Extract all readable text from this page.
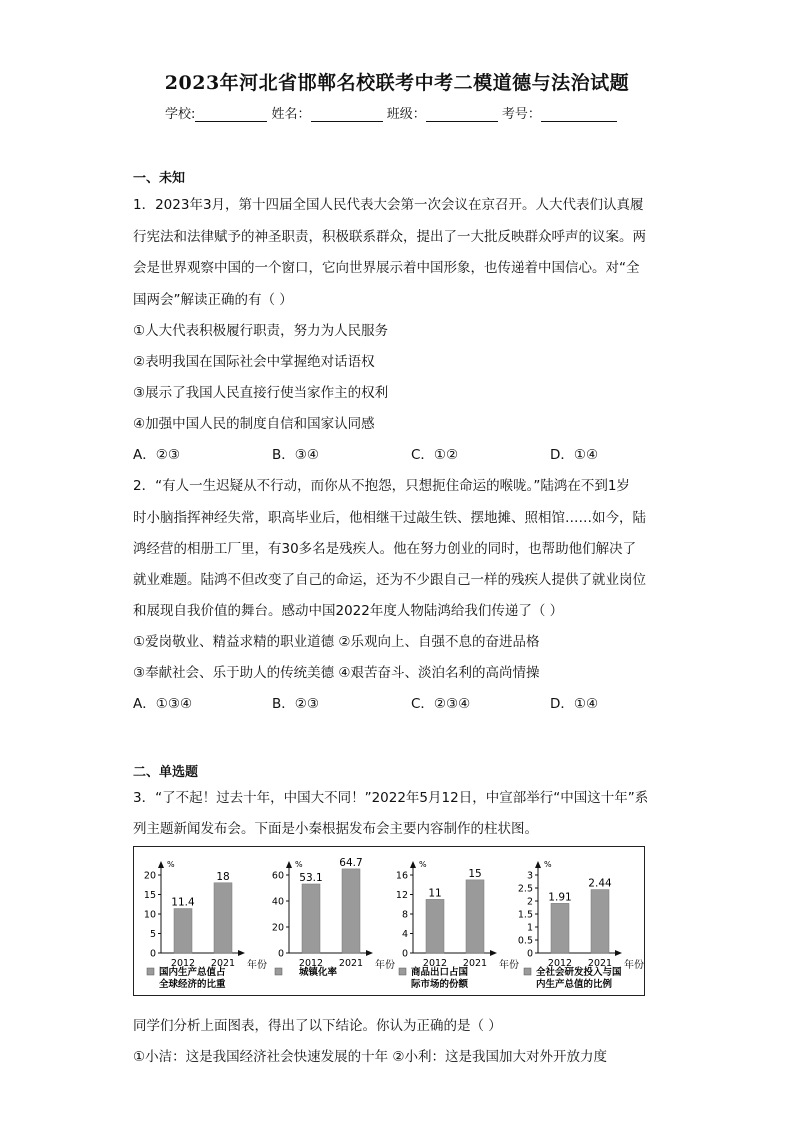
2023年河北省邯郸名校联考中考二模道德与法治试题
学校:	姓名：	班级：	考号：
一、未知
1．2023年3月，第十四届全国人民代表大会第一次会议在京召开。人大代表们认真履
行宪法和法律赋予的神圣职责，积极联系群众，提出了一大批反映群众呼声的议案。两
会是世界观察中国的一个窗口，它向世界展示着中国形象，也传递着中国信心。对“全
国两会”解读正确的有（ ）
①人大代表积极履行职责，努力为人民服务
②表明我国在国际社会中掌握绝对话语权
③展示了我国人民直接行使当家作主的权利
④加强中国人民的制度自信和国家认同感
A．②③	B．③④	C．①②	D．①④
2．“有人一生迟疑从不行动，而你从不抱怨，只想扼住命运的喉咙。”陆鸿在不到1岁
时小脑指挥神经失常，职高毕业后，他相继干过敲生铁、摆地摊、照相馆……如今，陆
鸿经营的相册工厂里，有30多名是残疾人。他在努力创业的同时，也帮助他们解决了
就业难题。陆鸿不但改变了自己的命运，还为不少跟自己一样的残疾人提供了就业岗位
和展现自我价值的舞台。感动中国2022年度人物陆鸿给我们传递了（ ）
①爱岗敬业、精益求精的职业道德 ②乐观向上、自强不息的奋进品格
③奉献社会、乐于助人的传统美德 ④艰苦奋斗、淡泊名利的高尚情操
A．①③④	B．②③	C．②③④	D．①④
二、单选题
3．“了不起！过去十年，中国大不同！”2022年5月12日，中宣部举行“中国这十年”系
列主题新闻发布会。下面是小秦根据发布会主要内容制作的柱状图。
%
年份
0
5
10
15
20
11.4
2012
18
2021
国内生产总值占
全球经济的比重
%
年份
0
20
40
60 53.1
2012
64.7
2021
城镇化率
%
年份
0
4
8
12
16
11
2012
15
2021
商品出口占国
际市场的份额
%
年份
0
0.5
1
1.5
2
2.5
3
1.91
2012
2.44
2021
全社会研发投入与国
内生产总值的比例
同学们分析上面图表，得出了以下结论。你认为正确的是（ ）
①小洁：这是我国经济社会快速发展的十年 ②小利：这是我国加大对外开放力度
